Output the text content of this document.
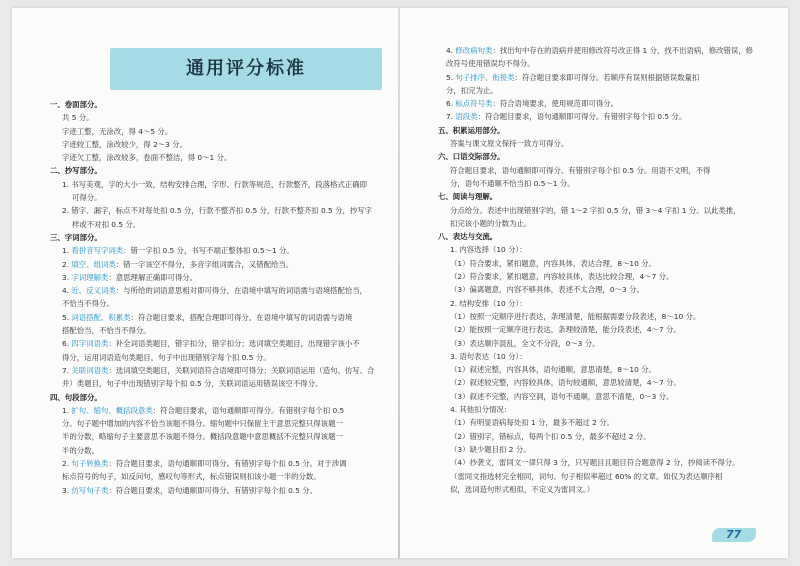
通用评分标准
一、卷面部分。
共 5 分。
字迹工整，无涂改，得 4～5 分。
字迹较工整，涂改较少，得 2～3 分。
字迹欠工整，涂改较多，卷面不整洁，得 0～1 分。
二、抄写部分。
1. 书写美观，字的大小一致，结构安排合理，字形、行款等规范，行款整齐，段落格式正确即
可得分。
2. 错字、漏字，标点不对每处扣 0.5 分，行款不整齐扣 0.5 分，行款不整齐扣 0.5 分，抄写字
样或不对扣 0.5 分。
三、字词部分。
1. 看拼音写字词类：错一字扣 0.5 分，书写不端正整体扣 0.5～1 分。
2. 填空、组词类：错一字该空不得分，多音字组词需合，又错配给当。
3. 字词理解类：意思理解正确即可得分。
4. 近、反义词类：与所给的词语意思相对即可得分，在语境中填写的词语需与语境搭配恰当，
不恰当不得分。
5. 词语搭配、积累类：符合题目要求，搭配合理即可得分。在语境中填写的词语需与语境
搭配恰当，不恰当不得分。
6. 四字词语类：补全词语类题目，错字扣分，错字扣分；选词填空类题目，出现错字该小不
得分，运用词语造句类题目，句子中出现错别字每个扣 0.5 分。
7. 关联词语类：选词填空类题目，关联词语符合语境即可得分；关联词语运用（造句、仿写、合
并）类题目，句子中出现错别字每个扣 0.5 分，关联词语运用错误该空不得分。
四、句段部分。
1. 扩句、缩句、概括段意类：符合题目要求，语句通顺即可得分。有错别字每个扣 0.5
分。句子题中增加的内容不恰当该题不得分。缩句题中只保留主干意思完整只得该题一
半的分数，略缩句子主要意思不该题不得分。概括段意题中意思概括不完整只得该题一
半的分数。
2. 句子转换类：符合题目要求，语句通顺即可得分。有错别字每个扣 0.5 分。对于涉调
标点符号的句子，如反问句，感叹句等形式，标点错误则扣该小题一半的分数。
3. 仿写句子类：符合题目要求，语句通顺即可得分。有错别字每个扣 0.5 分。
4. 修改病句类：找出句中存在的语病并使用修改符号改正得 1 分，找不出语病，修改错误，修
改符号使用错误均不得分。
5. 句子排序、衔接类：符合题目要求即可得分。若顺序有误则根据错误数量扣
分，扣完为止。
6. 标点符号类：符合语境要求，使用规范即可得分。
7. 语段类：符合题目要求，语句通顺即可得分。有错别字每个扣 0.5 分。
五、积累运用部分。
答案与课文原文保持一致方可得分。
六、口语交际部分。
符合题目要求，语句通顺即可得分。有错别字每个扣 0.5 分。用语不文明，不得
分，语句不通顺不恰当扣 0.5～1 分。
七、阅读与理解。
分点给分。表述中出现错别字的，错 1～2 字扣 0.5 分，错 3～4 字扣 1 分。以此类推，
扣完该小题的分数为止。
八、表达与交流。
1. 内容选择（10 分）：
（1）符合要求，紧扣题意，内容具体，表达合理，8～10 分。
（2）符合要求，紧扣题意，内容较具体，表达比较合理，4～7 分。
（3）偏离题意，内容不够具体，表述不太合理，0～3 分。
2. 结构安排（10 分）：
（1）按照一定顺序进行表达，条理清楚，能根据需要分段表述，8～10 分。
（2）能按照一定顺序进行表达，条理较清楚，能分段表述，4～7 分。
（3）表达顺序混乱，全文不分段，0～3 分。
3. 语句表达（10 分）：
（1）叙述完整，内容具体，语句通顺，意思清楚，8～10 分。
（2）叙述较完整，内容较具体，语句较通顺，意思较清楚，4～7 分。
（3）叙述不完整，内容空洞，语句不通顺，意思不清楚，0～3 分。
4. 其他扣分情况：
（1）有明显语病每处扣 1 分，最多不超过 2 分。
（2）错别字，错标点，每两个扣 0.5 分，最多不超过 2 分。
（3）缺少题目扣 2 分。
（4）抄袭文，雷同文一律只得 3 分，只写题目且题目符合题意得 2 分，抄阅读不得分。
（雷同文指选材完全相同，词句、句子相似率超过 60% 的文章。如仅为表达顺序相
似，选词造句形式相似，不定义为雷同文。）
77
